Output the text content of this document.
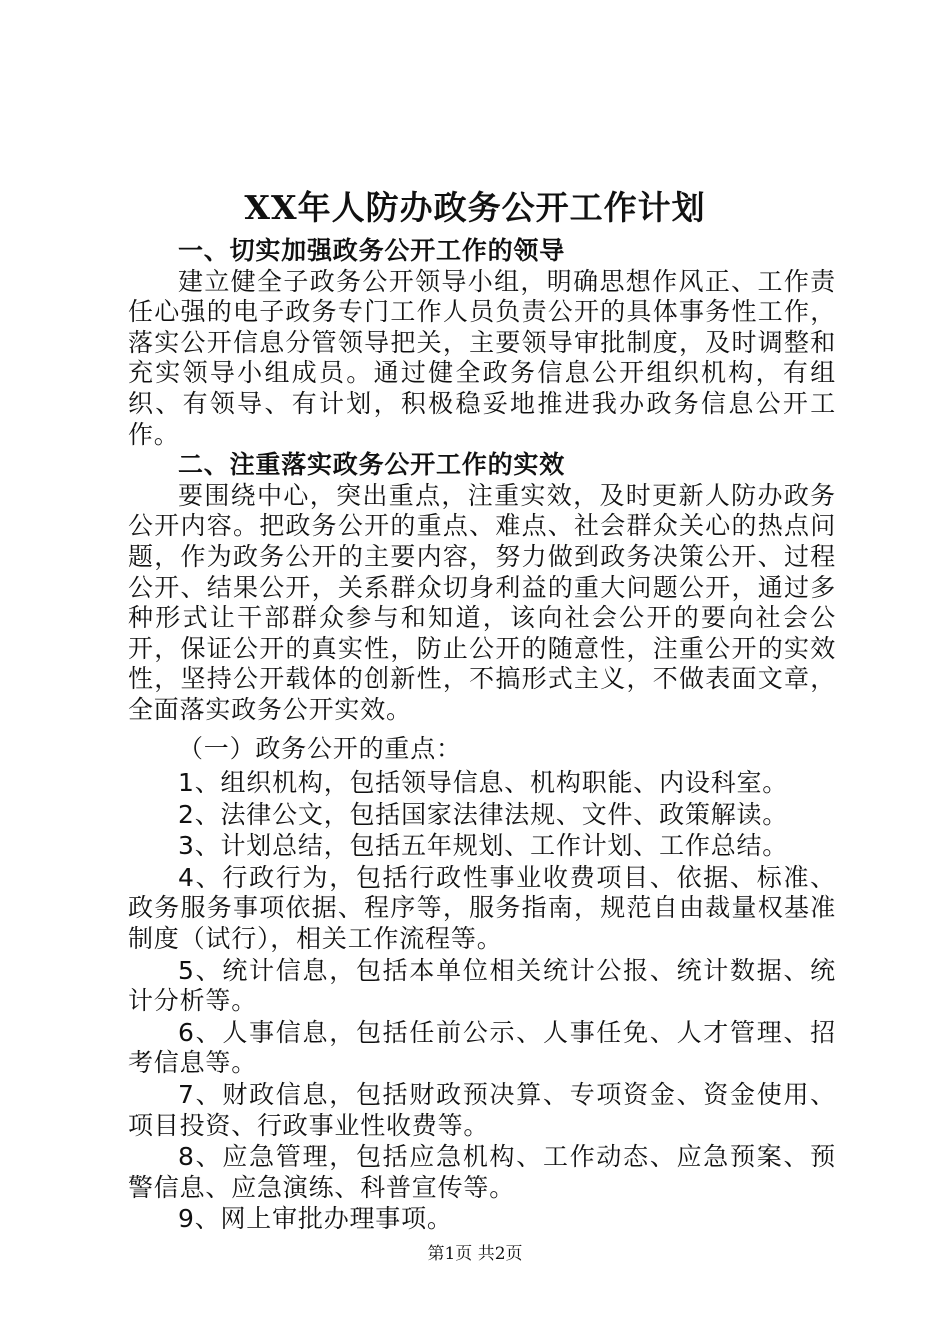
XX年人防办政务公开工作计划

一、切实加强政务公开工作的领导

建立健全子政务公开领导小组，明确思想作风正、工作责任心强的电子政务专门工作人员负责公开的具体事务性工作，落实公开信息分管领导把关，主要领导审批制度，及时调整和充实领导小组成员。通过健全政务信息公开组织机构，有组织、有领导、有计划，积极稳妥地推进我办政务信息公开工作。

二、注重落实政务公开工作的实效

要围绕中心，突出重点，注重实效，及时更新人防办政务公开内容。把政务公开的重点、难点、社会群众关心的热点问题，作为政务公开的主要内容，努力做到政务决策公开、过程公开、结果公开，关系群众切身利益的重大问题公开，通过多种形式让干部群众参与和知道，该向社会公开的要向社会公开，保证公开的真实性，防止公开的随意性，注重公开的实效性，坚持公开载体的创新性，不搞形式主义，不做表面文章，全面落实政务公开实效。

（一）政务公开的重点：

1、组织机构，包括领导信息、机构职能、内设科室。
2、法律公文，包括国家法律法规、文件、政策解读。
3、计划总结，包括五年规划、工作计划、工作总结。
4、行政行为，包括行政性事业收费项目、依据、标准、政务服务事项依据、程序等，服务指南，规范自由裁量权基准制度（试行），相关工作流程等。
5、统计信息，包括本单位相关统计公报、统计数据、统计分析等。
6、人事信息，包括任前公示、人事任免、人才管理、招考信息等。
7、财政信息，包括财政预决算、专项资金、资金使用、项目投资、行政事业性收费等。
8、应急管理，包括应急机构、工作动态、应急预案、预警信息、应急演练、科普宣传等。
9、网上审批办理事项。
第1页 共2页
